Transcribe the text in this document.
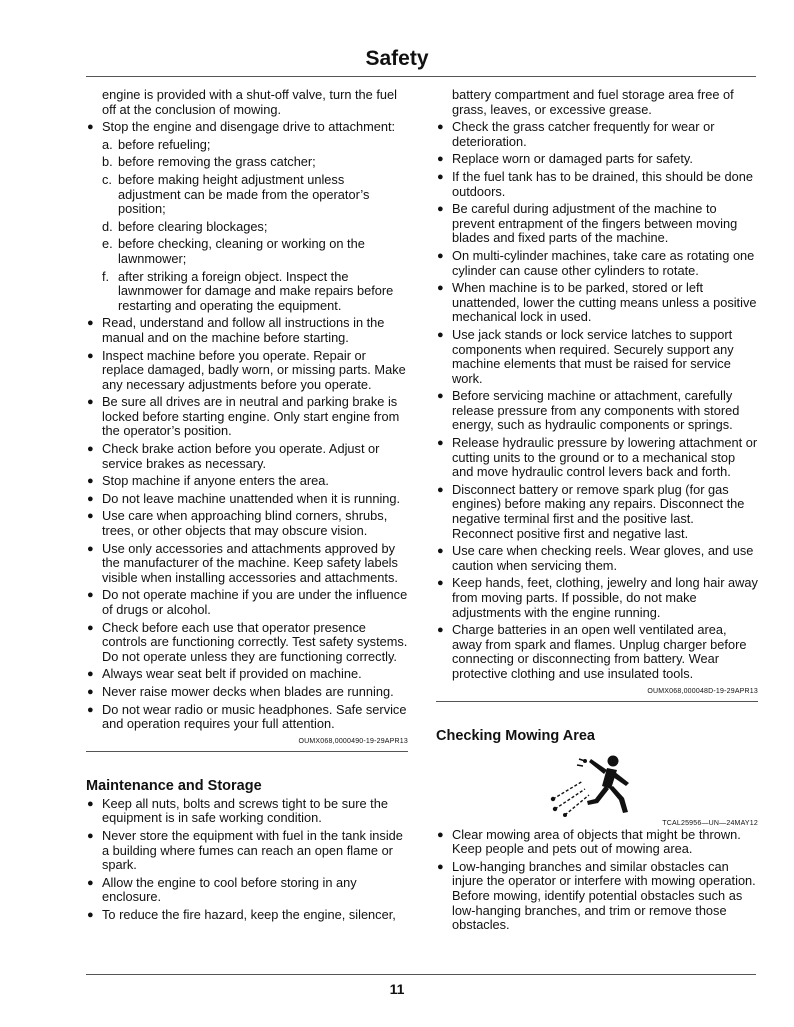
Safety
engine is provided with a shut-off valve, turn the fuel off at the conclusion of mowing.
● Stop the engine and disengage drive to attachment:
a. before refueling;
b. before removing the grass catcher;
c. before making height adjustment unless adjustment can be made from the operator’s position;
d. before clearing blockages;
e. before checking, cleaning or working on the lawnmower;
f. after striking a foreign object. Inspect the lawnmower for damage and make repairs before restarting and operating the equipment.
● Read, understand and follow all instructions in the manual and on the machine before starting.
● Inspect machine before you operate. Repair or replace damaged, badly worn, or missing parts. Make any necessary adjustments before you operate.
● Be sure all drives are in neutral and parking brake is locked before starting engine. Only start engine from the operator’s position.
● Check brake action before you operate. Adjust or service brakes as necessary.
● Stop machine if anyone enters the area.
● Do not leave machine unattended when it is running.
● Use care when approaching blind corners, shrubs, trees, or other objects that may obscure vision.
● Use only accessories and attachments approved by the manufacturer of the machine. Keep safety labels visible when installing accessories and attachments.
● Do not operate machine if you are under the influence of drugs or alcohol.
● Check before each use that operator presence controls are functioning correctly. Test safety systems. Do not operate unless they are functioning correctly.
● Always wear seat belt if provided on machine.
● Never raise mower decks when blades are running.
● Do not wear radio or music headphones. Safe service and operation requires your full attention.
OUMX068,0000490-19-29APR13
Maintenance and Storage
● Keep all nuts, bolts and screws tight to be sure the equipment is in safe working condition.
● Never store the equipment with fuel in the tank inside a building where fumes can reach an open flame or spark.
● Allow the engine to cool before storing in any enclosure.
● To reduce the fire hazard, keep the engine, silencer,
battery compartment and fuel storage area free of grass, leaves, or excessive grease.
● Check the grass catcher frequently for wear or deterioration.
● Replace worn or damaged parts for safety.
● If the fuel tank has to be drained, this should be done outdoors.
● Be careful during adjustment of the machine to prevent entrapment of the fingers between moving blades and fixed parts of the machine.
● On multi-cylinder machines, take care as rotating one cylinder can cause other cylinders to rotate.
● When machine is to be parked, stored or left unattended, lower the cutting means unless a positive mechanical lock in used.
● Use jack stands or lock service latches to support components when required. Securely support any machine elements that must be raised for service work.
● Before servicing machine or attachment, carefully release pressure from any components with stored energy, such as hydraulic components or springs.
● Release hydraulic pressure by lowering attachment or cutting units to the ground or to a mechanical stop and move hydraulic control levers back and forth.
● Disconnect battery or remove spark plug (for gas engines) before making any repairs. Disconnect the negative terminal first and the positive last. Reconnect positive first and negative last.
● Use care when checking reels. Wear gloves, and use caution when servicing them.
● Keep hands, feet, clothing, jewelry and long hair away from moving parts. If possible, do not make adjustments with the engine running.
● Charge batteries in an open well ventilated area, away from spark and flames. Unplug charger before connecting or disconnecting from battery. Wear protective clothing and use insulated tools.
OUMX068,000048D-19-29APR13
Checking Mowing Area
TCAL25956—UN—24MAY12
● Clear mowing area of objects that might be thrown. Keep people and pets out of mowing area.
● Low-hanging branches and similar obstacles can injure the operator or interfere with mowing operation. Before mowing, identify potential obstacles such as low-hanging branches, and trim or remove those obstacles.
11
